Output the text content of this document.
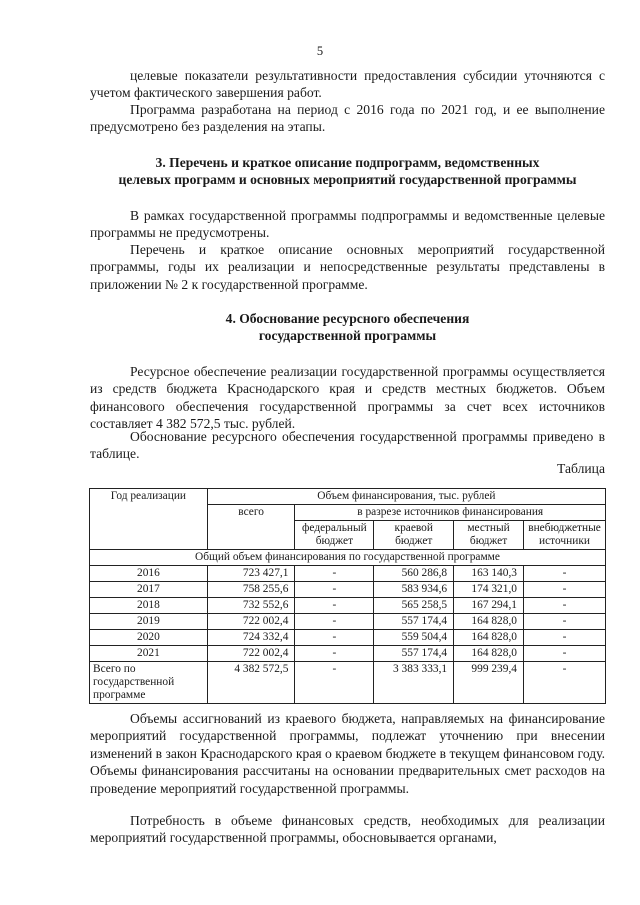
5

целевые показатели результативности предоставления субсидии уточняются с учетом фактического завершения работ.

Программа разработана на период с 2016 года по 2021 год, и ее выполнение предусмотрено без разделения на этапы.

3. Перечень и краткое описание подпрограмм, ведомственных
целевых программ и основных мероприятий государственной программы

В рамках государственной программы подпрограммы и ведомственные целевые программы не предусмотрены.

Перечень и краткое описание основных мероприятий государственной программы, годы их реализации и непосредственные результаты представлены в приложении № 2 к государственной программе.

4. Обоснование ресурсного обеспечения
государственной программы

Ресурсное обеспечение реализации государственной программы осуществляется из средств бюджета Краснодарского края и средств местных бюджетов. Объем финансового обеспечения государственной программы за счет всех источников составляет 4 382 572,5 тыс. рублей.

Обоснование ресурсного обеспечения государственной программы приведено в таблице.

Таблица
Год реализации	Объем финансирования, тыс. рублей				
	всего	в разрезе источников финансирования			
		федеральный бюджет	краевой бюджет	местный бюджет	внебюджетные источники
Общий объем финансирования по государственной программе					
2016	723 427,1	-	560 286,8	163 140,3	-
2017	758 255,6	-	583 934,6	174 321,0	-
2018	732 552,6	-	565 258,5	167 294,1	-
2019	722 002,4	-	557 174,4	164 828,0	-
2020	724 332,4	-	559 504,4	164 828,0	-
2021	722 002,4	-	557 174,4	164 828,0	-
Всего по государственной программе	4 382 572,5	-	3 383 333,1	999 239,4	-

Объемы ассигнований из краевого бюджета, направляемых на финансирование мероприятий государственной программы, подлежат уточнению при внесении изменений в закон Краснодарского края о краевом бюджете в текущем финансовом году. Объемы финансирования рассчитаны на основании предварительных смет расходов на проведение мероприятий государственной программы.

Потребность в объеме финансовых средств, необходимых для реализации мероприятий государственной программы, обосновывается органами,
